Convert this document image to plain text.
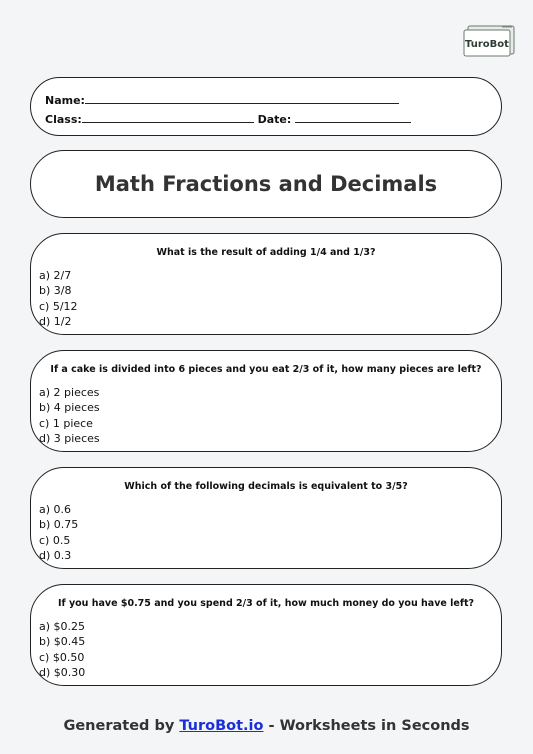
TuroBot
Name:
Class:	Date:
Math Fractions and Decimals
What is the result of adding 1/4 and 1/3?
a) 2/7
b) 3/8
c) 5/12
d) 1/2
If a cake is divided into 6 pieces and you eat 2/3 of it, how many pieces are left?
a) 2 pieces
b) 4 pieces
c) 1 piece
d) 3 pieces
Which of the following decimals is equivalent to 3/5?
a) 0.6
b) 0.75
c) 0.5
d) 0.3
If you have $0.75 and you spend 2/3 of it, how much money do you have left?
a) $0.25
b) $0.45
c) $0.50
d) $0.30
Generated by TuroBot.io - Worksheets in Seconds
